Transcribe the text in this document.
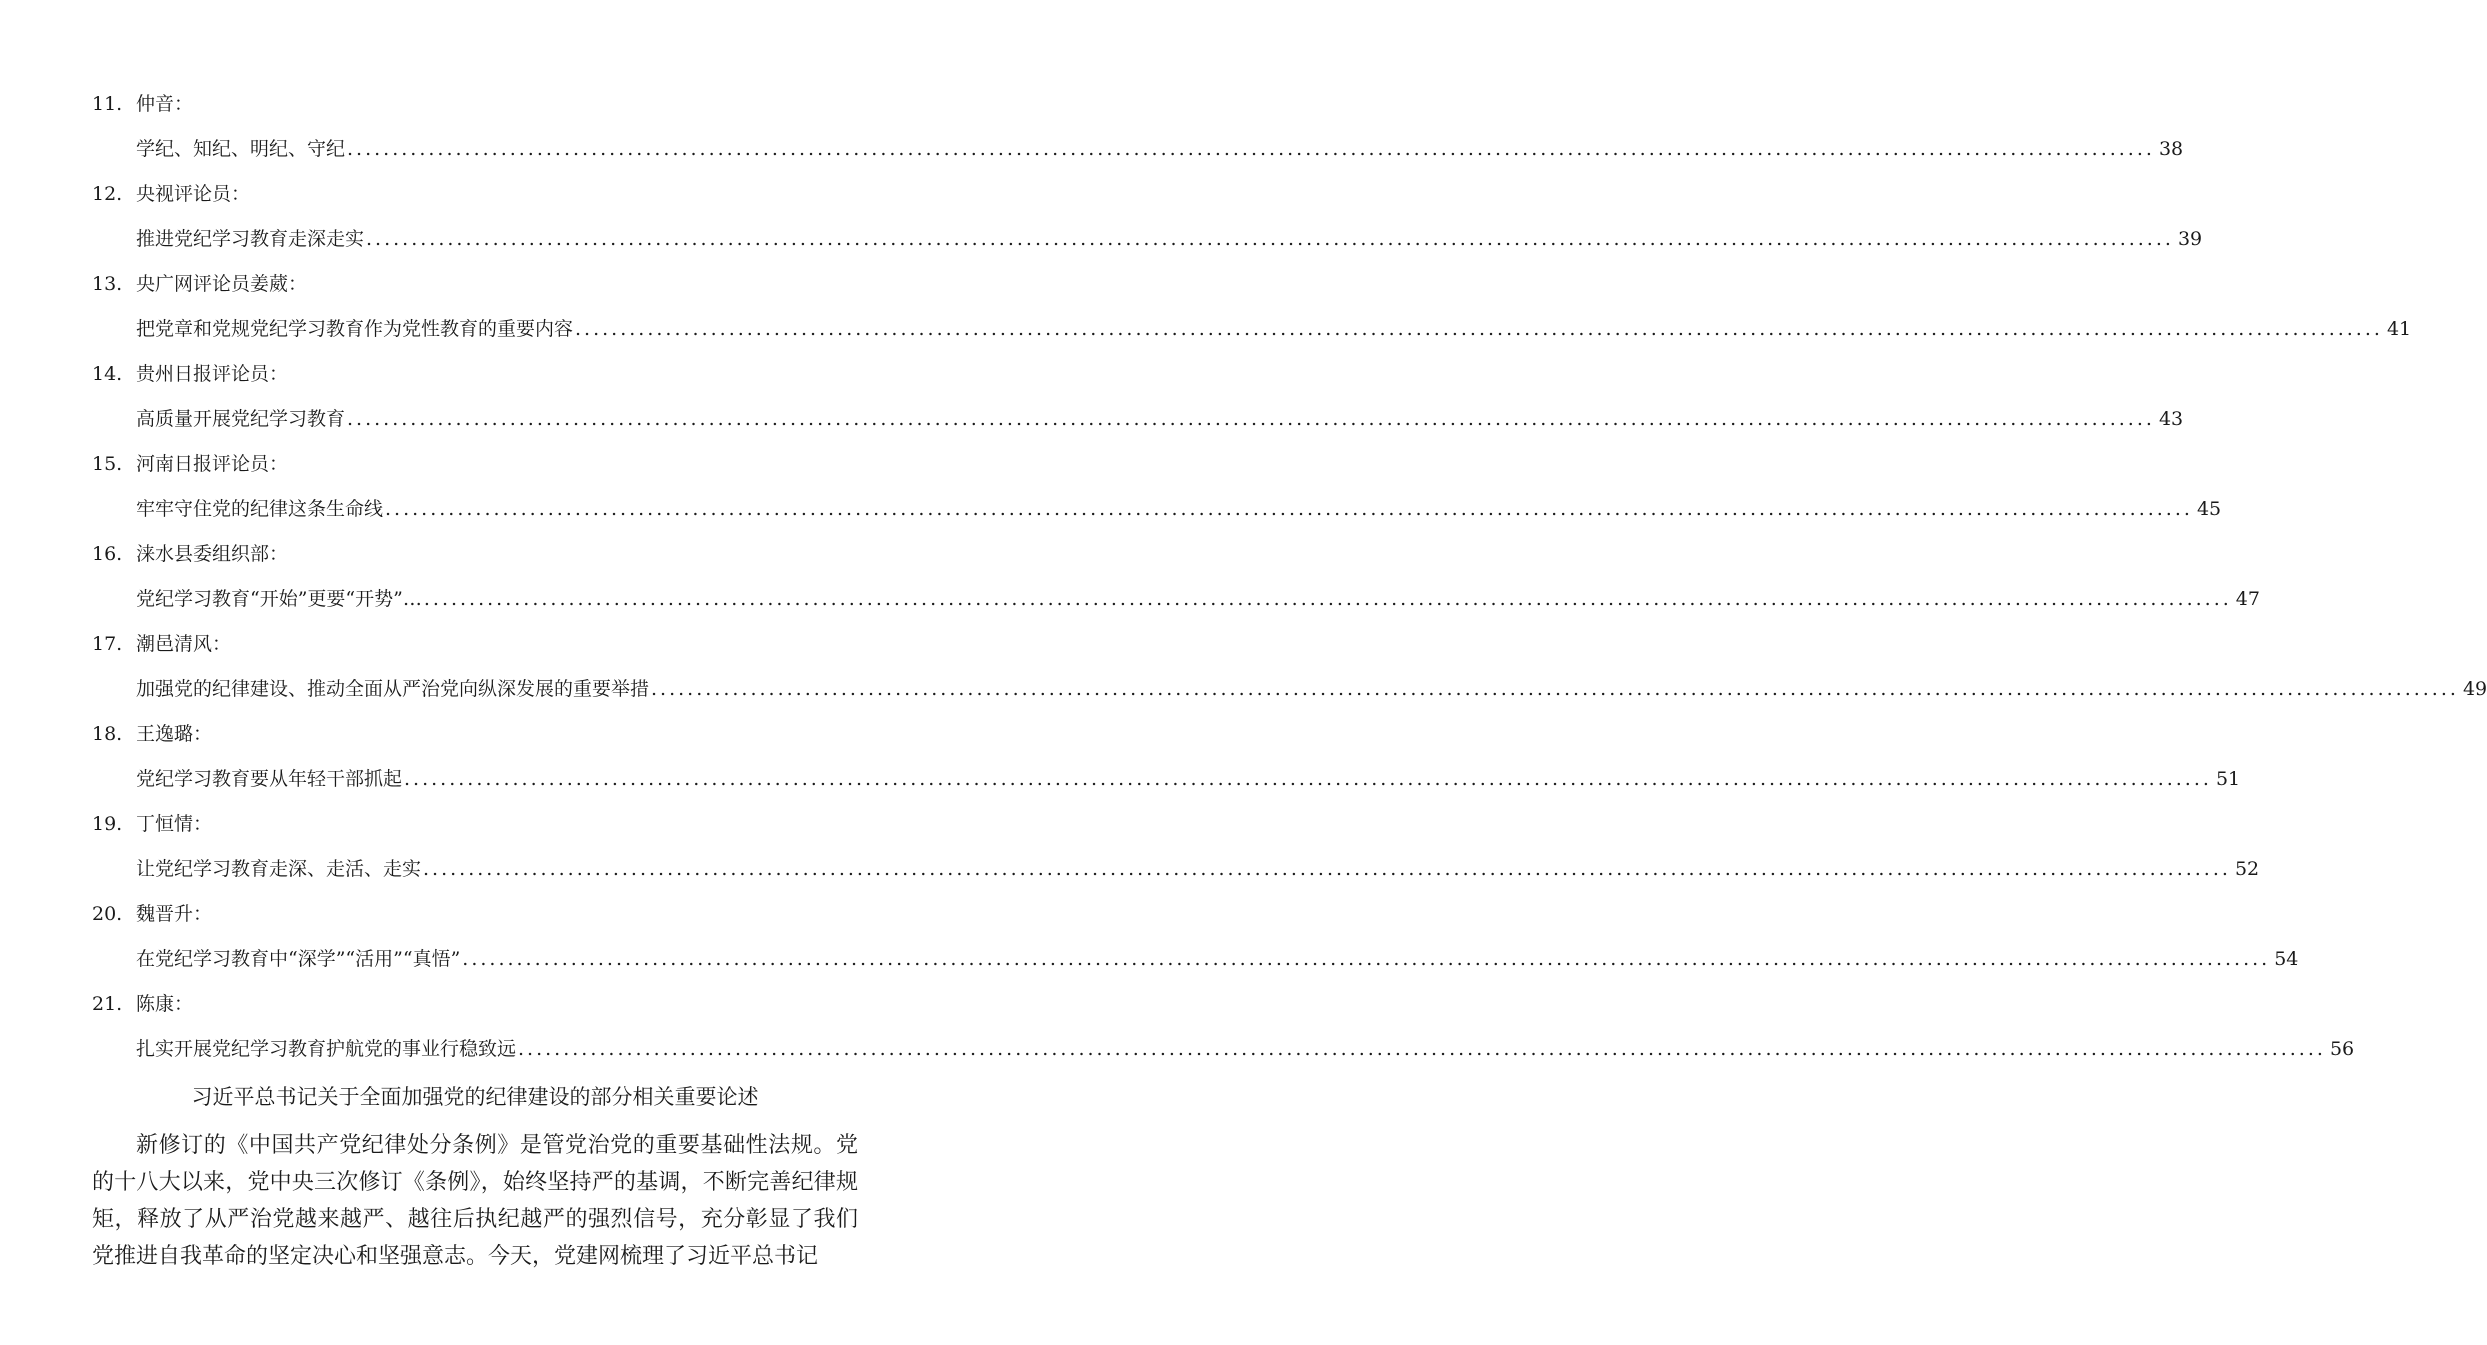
11. 仲音：
学纪、知纪、明纪、守纪 ........................................................................................................................................................................................................ 38
12. 央视评论员：
推进党纪学习教育走深走实 ........................................................................................................................................................................................................ 39
13. 央广网评论员姜葳：
把党章和党规党纪学习教育作为党性教育的重要内容 ........................................................................................................................................................................................................ 41
14. 贵州日报评论员：
高质量开展党纪学习教育 ........................................................................................................................................................................................................ 43
15. 河南日报评论员：
牢牢守住党的纪律这条生命线 ........................................................................................................................................................................................................ 45
16. 涞水县委组织部：
党纪学习教育“开始”更要“开势”… ........................................................................................................................................................................................................ 47
17. 潮邑清风：
加强党的纪律建设、推动全面从严治党向纵深发展的重要举措 ........................................................................................................................................................................................................ 49
18. 王逸璐：
党纪学习教育要从年轻干部抓起 ........................................................................................................................................................................................................ 51
19. 丁恒情：
让党纪学习教育走深、走活、走实 ........................................................................................................................................................................................................ 52
20. 魏晋升：
在党纪学习教育中“深学”“活用”“真悟” ........................................................................................................................................................................................................ 54
21. 陈康：
扎实开展党纪学习教育护航党的事业行稳致远 ........................................................................................................................................................................................................ 56
习近平总书记关于全面加强党的纪律建设的部分相关重要论述

新修订的《中国共产党纪律处分条例》是管党治党的重要基础性法规。党的十八大以来，党中央三次修订《条例》，始终坚持严的基调，不断完善纪律规矩，释放了从严治党越来越严、越往后执纪越严的强烈信号，充分彰显了我们党推进自我革命的坚定决心和坚强意志。今天，党建网梳理了习近平总书记
